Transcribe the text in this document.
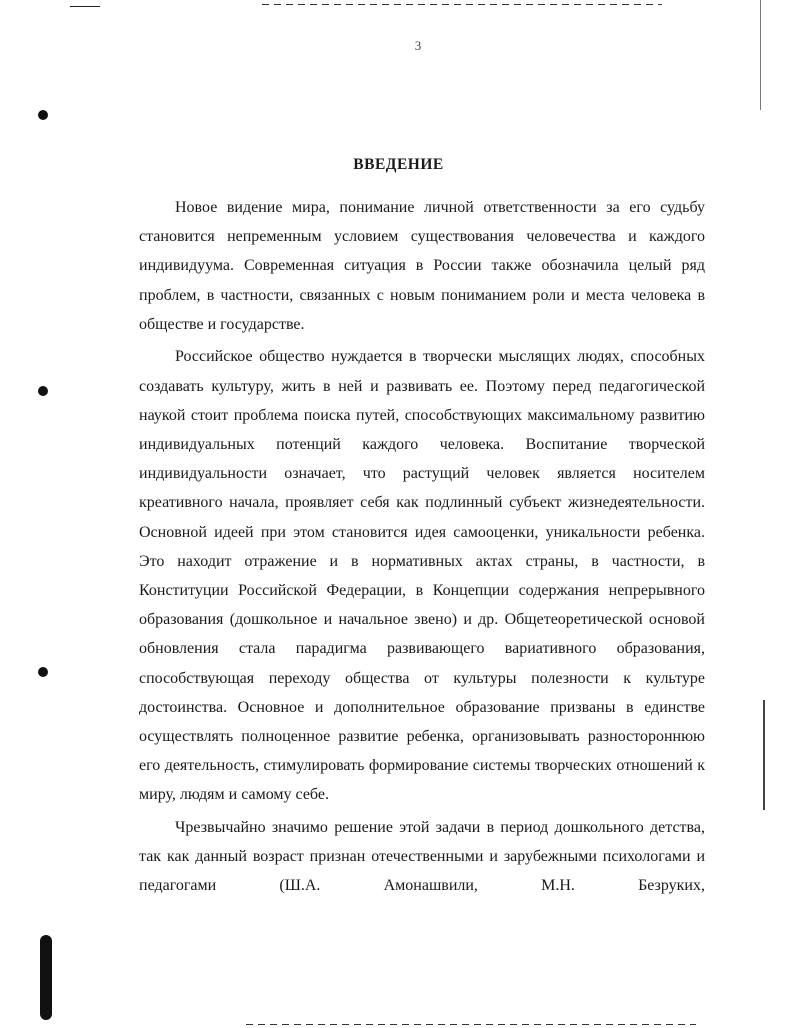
3
ВВЕДЕНИЕ

Новое видение мира, понимание личной ответственности за его судьбу становится непременным условием существования человечества и каждого индивидуума. Современная ситуация в России также обозначила целый ряд проблем, в частности, связанных с новым пониманием роли и места человека в обществе и государстве.

Российское общество нуждается в творчески мыслящих людях, способных создавать культуру, жить в ней и развивать ее. Поэтому перед педагогической наукой стоит проблема поиска путей, способствующих максимальному развитию индивидуальных потенций каждого человека. Воспитание творческой индивидуальности означает, что растущий человек является носителем креативного начала, проявляет себя как подлинный субъект жизнедеятельности. Основной идеей при этом становится идея самооценки, уникальности ребенка. Это находит отражение и в нормативных актах страны, в частности, в Конституции Российской Федерации, в Концепции содержания непрерывного образования (дошкольное и начальное звено) и др. Общетеоретической основой обновления стала парадигма развивающего вариативного образования, способствующая переходу общества от культуры полезности к культуре достоинства. Основное и дополнительное образование призваны в единстве осуществлять полноценное развитие ребенка, организовывать разностороннюю его деятельность, стимулировать формирование системы творческих отношений к миру, людям и самому себе.

Чрезвычайно значимо решение этой задачи в период дошкольного детства, так как данный возраст признан отечественными и зарубежными психологами и педагогами (Ш.А. Амонашвили, М.Н. Безруких,
